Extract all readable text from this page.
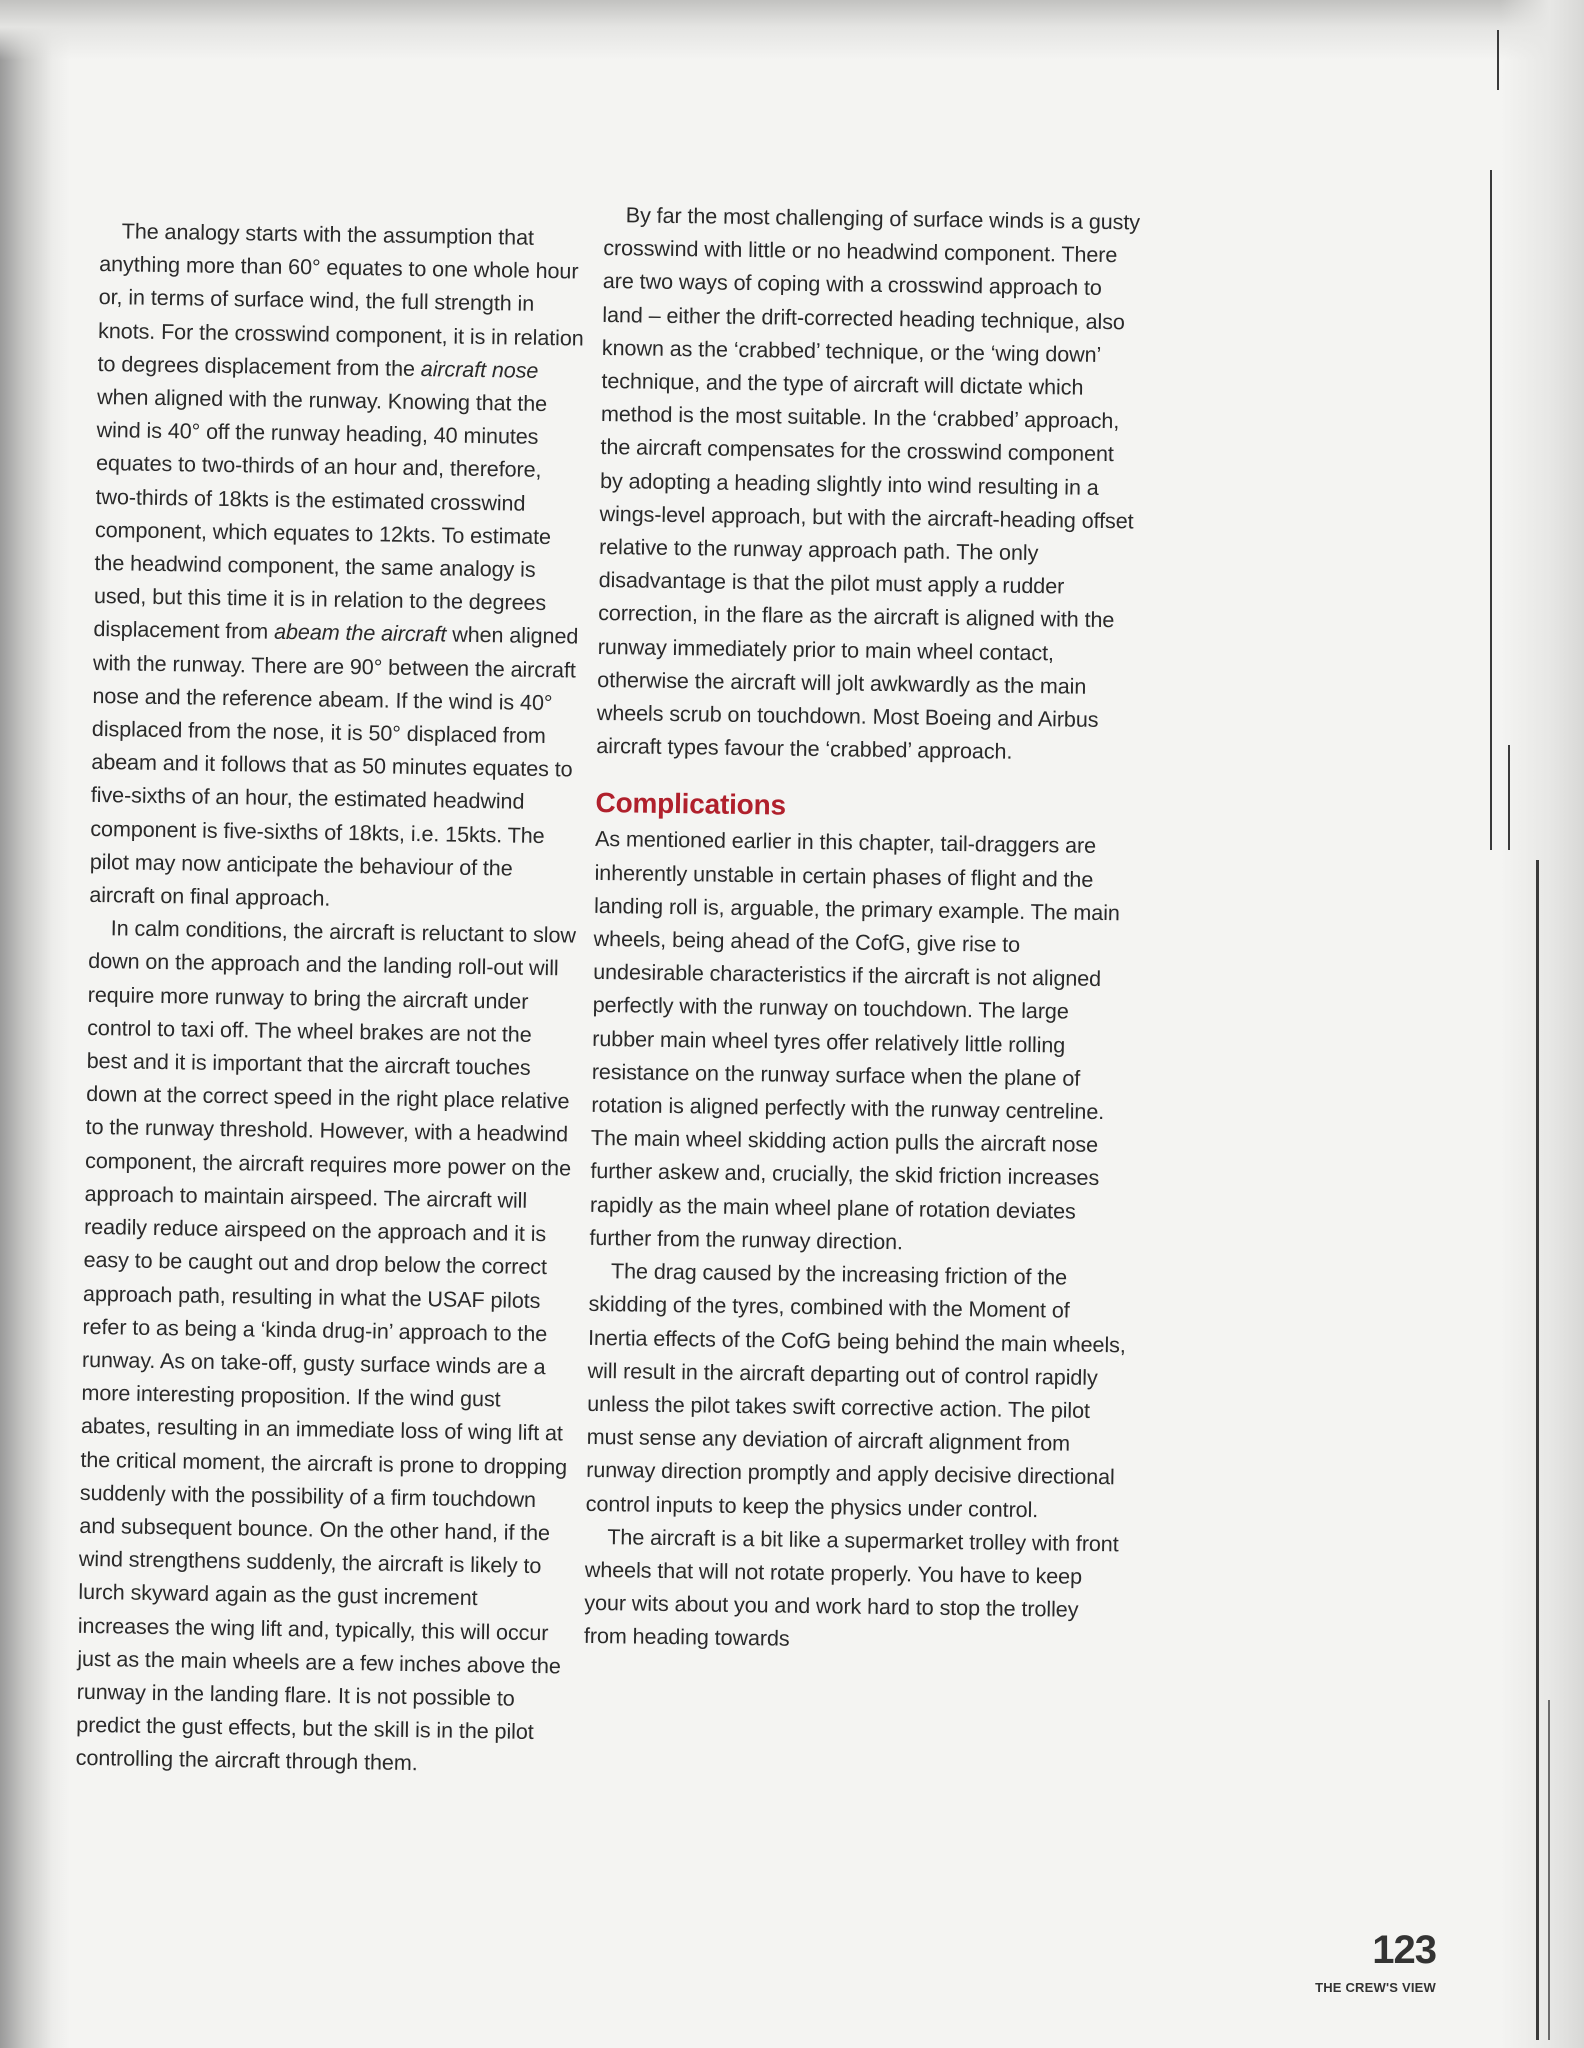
The analogy starts with the assumption that anything more than 60° equates to one whole hour or, in terms of surface wind, the full strength in knots. For the crosswind component, it is in relation to degrees displacement from the aircraft nose when aligned with the runway. Knowing that the wind is 40° off the runway heading, 40 minutes equates to two-thirds of an hour and, therefore, two-thirds of 18kts is the estimated crosswind component, which equates to 12kts. To estimate the headwind component, the same analogy is used, but this time it is in relation to the degrees displacement from abeam the aircraft when aligned with the runway. There are 90° between the aircraft nose and the reference abeam. If the wind is 40° displaced from the nose, it is 50° displaced from abeam and it follows that as 50 minutes equates to five-sixths of an hour, the estimated headwind component is five-sixths of 18kts, i.e. 15kts. The pilot may now anticipate the behaviour of the aircraft on final approach.

In calm conditions, the aircraft is reluctant to slow down on the approach and the landing roll-out will require more runway to bring the aircraft under control to taxi off. The wheel brakes are not the best and it is important that the aircraft touches down at the correct speed in the right place relative to the runway threshold. However, with a headwind component, the aircraft requires more power on the approach to maintain airspeed. The aircraft will readily reduce airspeed on the approach and it is easy to be caught out and drop below the correct approach path, resulting in what the USAF pilots refer to as being a ‘kinda drug-in’ approach to the runway. As on take-off, gusty surface winds are a more interesting proposition. If the wind gust abates, resulting in an immediate loss of wing lift at the critical moment, the aircraft is prone to dropping suddenly with the possibility of a firm touchdown and subsequent bounce. On the other hand, if the wind strengthens suddenly, the aircraft is likely to lurch skyward again as the gust increment increases the wing lift and, typically, this will occur just as the main wheels are a few inches above the runway in the landing flare. It is not possible to predict the gust effects, but the skill is in the pilot controlling the aircraft through them.

By far the most challenging of surface winds is a gusty crosswind with little or no headwind component. There are two ways of coping with a crosswind approach to land – either the drift-corrected heading technique, also known as the ‘crabbed’ technique, or the ‘wing down’ technique, and the type of aircraft will dictate which method is the most suitable. In the ‘crabbed’ approach, the aircraft compensates for the crosswind component by adopting a heading slightly into wind resulting in a wings-level approach, but with the aircraft-heading offset relative to the runway approach path. The only disadvantage is that the pilot must apply a rudder correction, in the flare as the aircraft is aligned with the runway immediately prior to main wheel contact, otherwise the aircraft will jolt awkwardly as the main wheels scrub on touchdown. Most Boeing and Airbus aircraft types favour the ‘crabbed’ approach.

Complications

As mentioned earlier in this chapter, tail-draggers are inherently unstable in certain phases of flight and the landing roll is, arguable, the primary example. The main wheels, being ahead of the CofG, give rise to undesirable characteristics if the aircraft is not aligned perfectly with the runway on touchdown. The large rubber main wheel tyres offer relatively little rolling resistance on the runway surface when the plane of rotation is aligned perfectly with the runway centreline. The main wheel skidding action pulls the aircraft nose further askew and, crucially, the skid friction increases rapidly as the main wheel plane of rotation deviates further from the runway direction.

The drag caused by the increasing friction of the skidding of the tyres, combined with the Moment of Inertia effects of the CofG being behind the main wheels, will result in the aircraft departing out of control rapidly unless the pilot takes swift corrective action. The pilot must sense any deviation of aircraft alignment from runway direction promptly and apply decisive directional control inputs to keep the physics under control.

The aircraft is a bit like a supermarket trolley with front wheels that will not rotate properly. You have to keep your wits about you and work hard to stop the trolley from heading towards

123
THE CREW'S VIEW
